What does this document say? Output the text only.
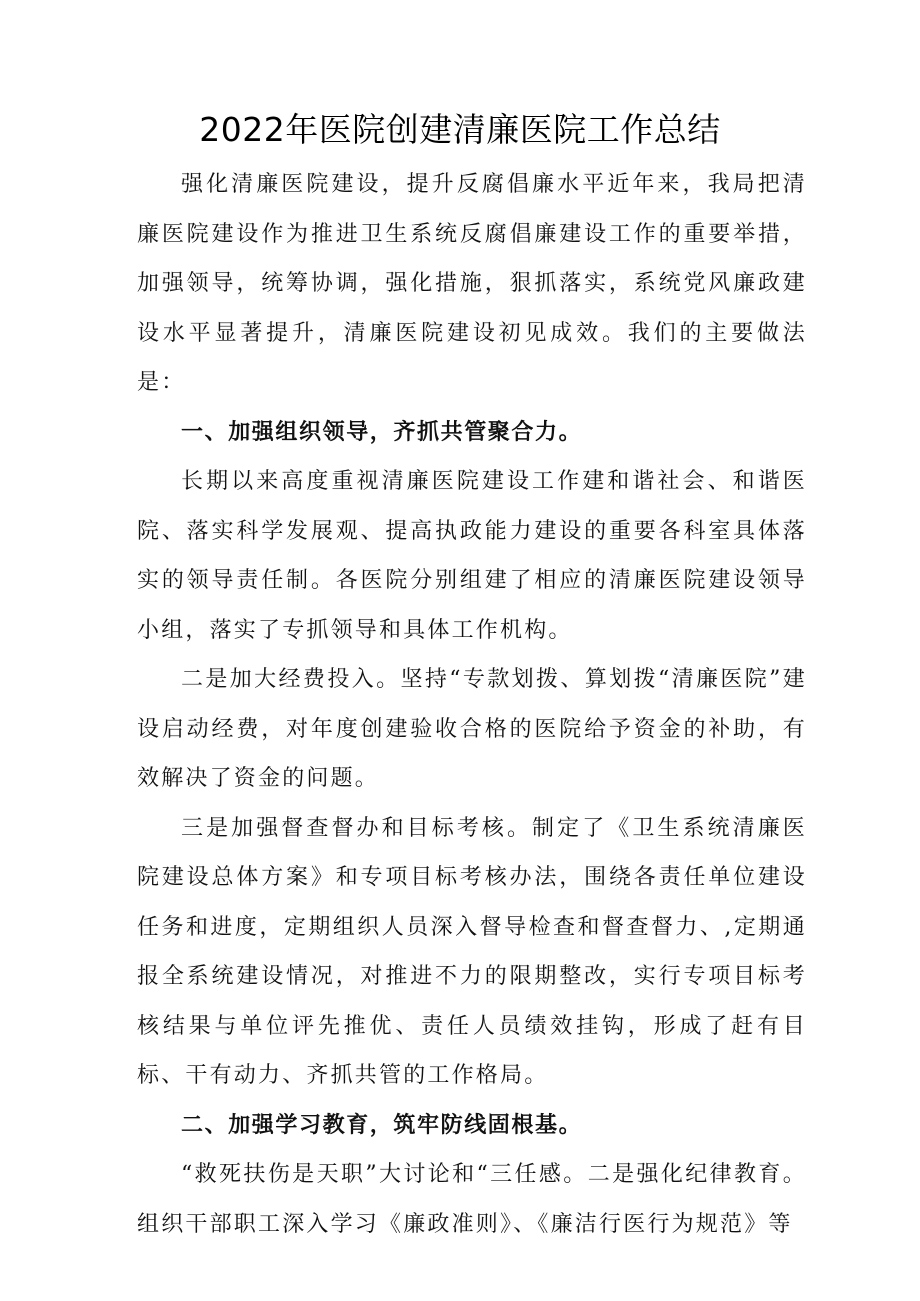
2022年医院创建清廉医院工作总结

强化清廉医院建设，提升反腐倡廉水平近年来，我局把清廉医院建设作为推进卫生系统反腐倡廉建设工作的重要举措，加强领导，统筹协调，强化措施，狠抓落实，系统党风廉政建设水平显著提升，清廉医院建设初见成效。我们的主要做法是：

一、加强组织领导，齐抓共管聚合力。

长期以来高度重视清廉医院建设工作建和谐社会、和谐医院、落实科学发展观、提高执政能力建设的重要各科室具体落实的领导责任制。各医院分别组建了相应的清廉医院建设领导小组，落实了专抓领导和具体工作机构。

二是加大经费投入。坚持“专款划拨、算划拨“清廉医院”建设启动经费，对年度创建验收合格的医院给予资金的补助，有效解决了资金的问题。

三是加强督查督办和目标考核。制定了《卫生系统清廉医院建设总体方案》和专项目标考核办法，围绕各责任单位建设任务和进度，定期组织人员深入督导检查和督查督力、,定期通报全系统建设情况，对推进不力的限期整改，实行专项目标考核结果与单位评先推优、责任人员绩效挂钩，形成了赶有目标、干有动力、齐抓共管的工作格局。

二、加强学习教育，筑牢防线固根基。

“救死扶伤是天职”大讨论和“三任感。二是强化纪律教育。组织干部职工深入学习《廉政准则》、《廉洁行医行为规范》等
